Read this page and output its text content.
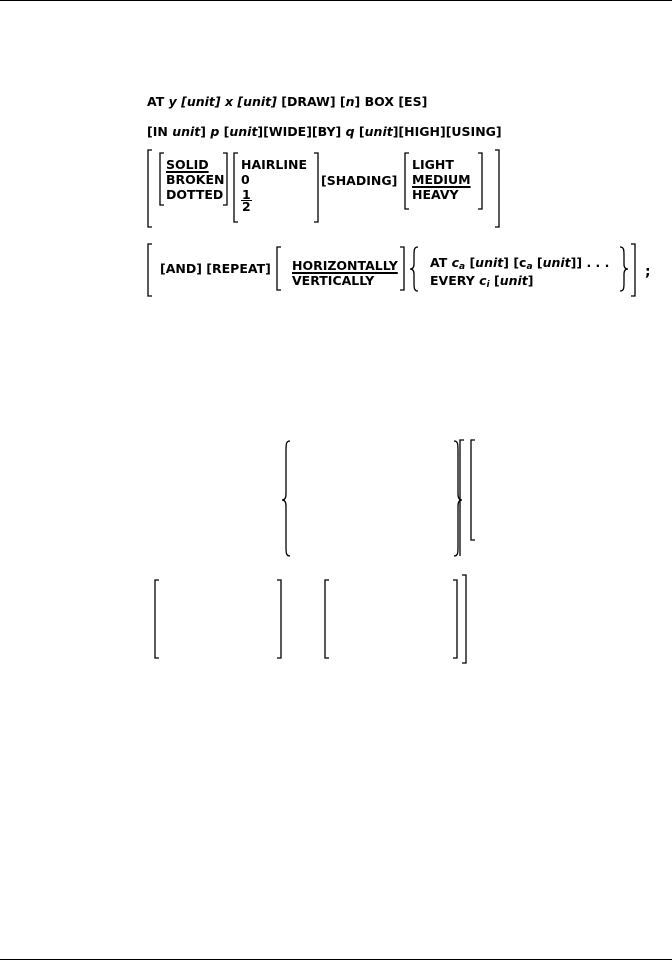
AT y [unit] x [unit] [DRAW] [n] BOX [ES]
[IN unit] p [unit][WIDE][BY] q [unit][HIGH][USING]
SOLID
BROKEN
DOTTED
HAIRLINE
0
$\frac{1}{2}$
[SHADING]
LIGHT
MEDIUM
HEAVY
[AND] [REPEAT] HORIZONTALLY
VERTICALLY
AT $c_a$ [unit] [$c_a$ [unit]] . . .
EVERY $c_i$ [unit]
;
